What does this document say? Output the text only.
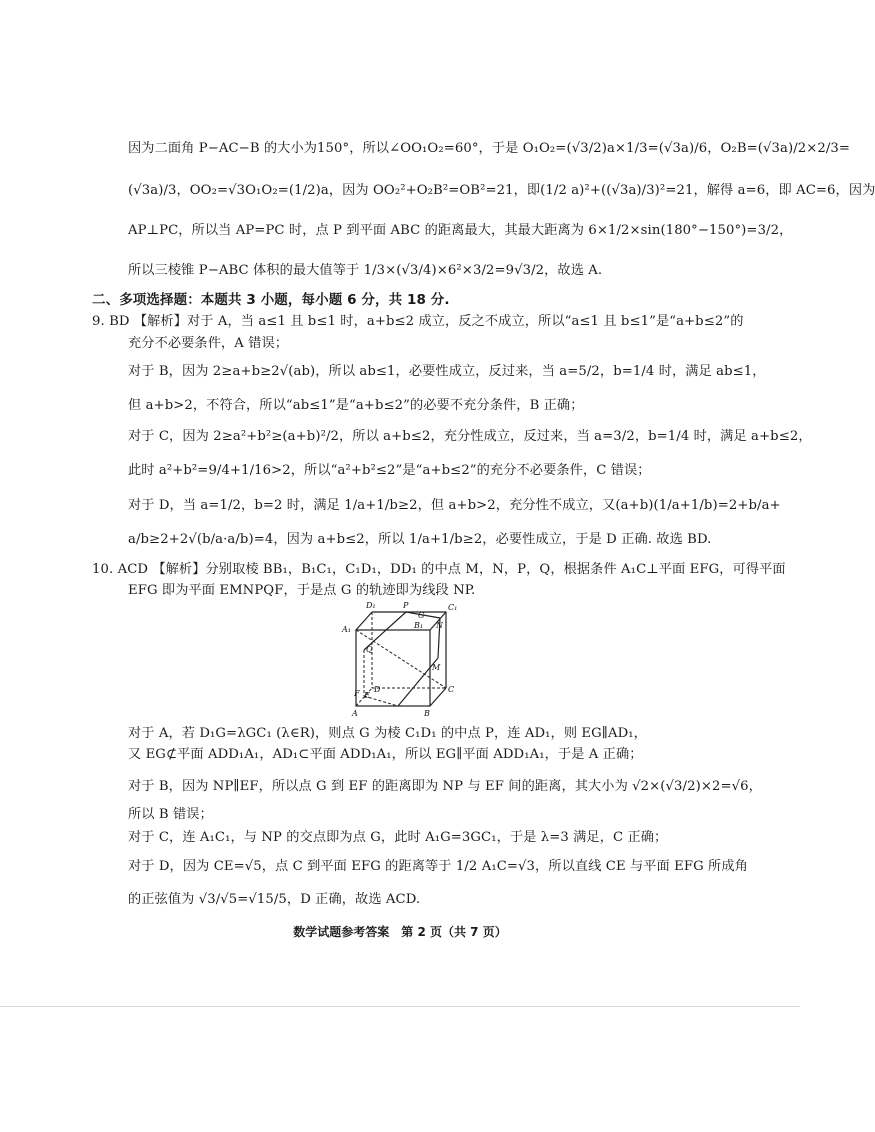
因为二面角 P−AC−B 的大小为150°，所以∠OO₁O₂=60°，于是 O₁O₂=(√3/2)a×1/3=(√3a)/6，O₂B=(√3a)/2×2/3=
(√3a)/3，OO₂=√3O₁O₂=(1/2)a，因为 OO₂²+O₂B²=OB²=21，即(1/2 a)²+((√3a)/3)²=21，解得 a=6，即 AC=6，因为
AP⊥PC，所以当 AP=PC 时，点 P 到平面 ABC 的距离最大，其最大距离为 6×1/2×sin(180°−150°)=3/2，
所以三棱锥 P−ABC 体积的最大值等于 1/3×(√3/4)×6²×3/2=9√3/2，故选 A.
二、多项选择题：本题共 3 小题，每小题 6 分，共 18 分.
9. BD 【解析】对于 A，当 a≤1 且 b≤1 时，a+b≤2 成立，反之不成立，所以“a≤1 且 b≤1”是“a+b≤2”的
充分不必要条件，A 错误；
对于 B，因为 2≥a+b≥2√(ab)，所以 ab≤1，必要性成立，反过来，当 a=5/2，b=1/4 时，满足 ab≤1，
但 a+b>2，不符合，所以“ab≤1”是“a+b≤2”的必要不充分条件，B 正确；
对于 C，因为 2≥a²+b²≥(a+b)²/2，所以 a+b≤2，充分性成立，反过来，当 a=3/2，b=1/4 时，满足 a+b≤2，
此时 a²+b²=9/4+1/16>2，所以“a²+b²≤2”是“a+b≤2”的充分不必要条件，C 错误；
对于 D，当 a=1/2，b=2 时，满足 1/a+1/b≥2，但 a+b>2，充分性不成立，又(a+b)(1/a+1/b)=2+b/a+
a/b≥2+2√(b/a·a/b)=4，因为 a+b≤2，所以 1/a+1/b≥2，必要性成立，于是 D 正确. 故选 BD.
10. ACD 【解析】分别取棱 BB₁，B₁C₁，C₁D₁，DD₁ 的中点 M，N，P，Q，根据条件 A₁C⊥平面 EFG，可得平面
EFG 即为平面 EMNPQF，于是点 G 的轨迹即为线段 NP.
D₁	P	C₁
A₁	B₁ N
Q
G
M
C
F E
D
A	B
对于 A，若 D₁G=λGC₁ (λ∈R)，则点 G 为棱 C₁D₁ 的中点 P，连 AD₁，则 EG∥AD₁，
又 EG⊄平面 ADD₁A₁，AD₁⊂平面 ADD₁A₁，所以 EG∥平面 ADD₁A₁，于是 A 正确；
对于 B，因为 NP∥EF，所以点 G 到 EF 的距离即为 NP 与 EF 间的距离，其大小为 √2×(√3/2)×2=√6，
所以 B 错误；
对于 C，连 A₁C₁，与 NP 的交点即为点 G，此时 A₁G=3GC₁，于是 λ=3 满足，C 正确；
对于 D，因为 CE=√5，点 C 到平面 EFG 的距离等于 1/2 A₁C=√3，所以直线 CE 与平面 EFG 所成角
的正弦值为 √3/√5=√15/5，D 正确，故选 ACD.
数学试题参考答案　第 2 页（共 7 页）
